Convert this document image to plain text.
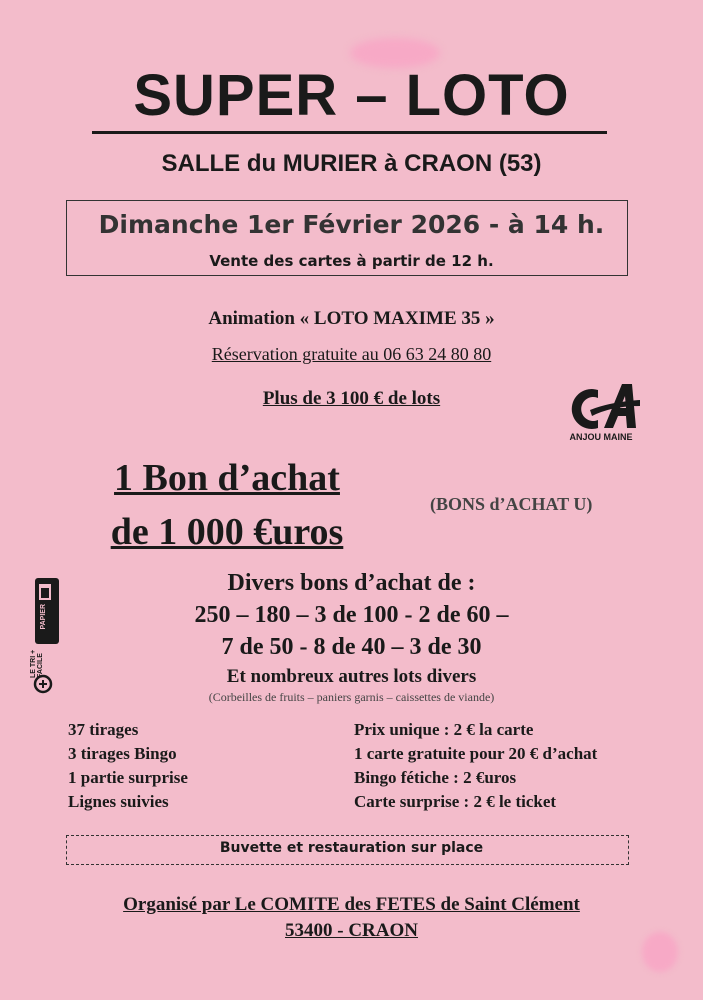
SUPER – LOTO
SALLE du MURIER à CRAON (53)
Dimanche 1er Février 2026 - à 14 h.
Vente des cartes à partir de 12 h.
Animation « LOTO MAXIME 35 »
Réservation gratuite au 06 63 24 80 80
Plus de 3 100 € de lots
ANJOU MAINE
1 Bon d’achat
de 1 000 €uros
(BONS d’ACHAT U)
Divers bons d’achat de :
250 – 180 – 3 de 100 - 2 de 60 –
7 de 50 - 8 de 40 – 3 de 30
Et nombreux autres lots divers
(Corbeilles de fruits – paniers garnis – caissettes de viande)
37 tirages
3 tirages Bingo
1 partie surprise
Lignes suivies
Prix unique : 2 € la carte
1 carte gratuite pour 20 € d’achat
Bingo fétiche : 2 €uros
Carte surprise : 2 € le ticket
Buvette et restauration sur place
Organisé par Le COMITE des FETES de Saint Clément
53400 - CRAON
PAPIER
LE TRI + FACILE
